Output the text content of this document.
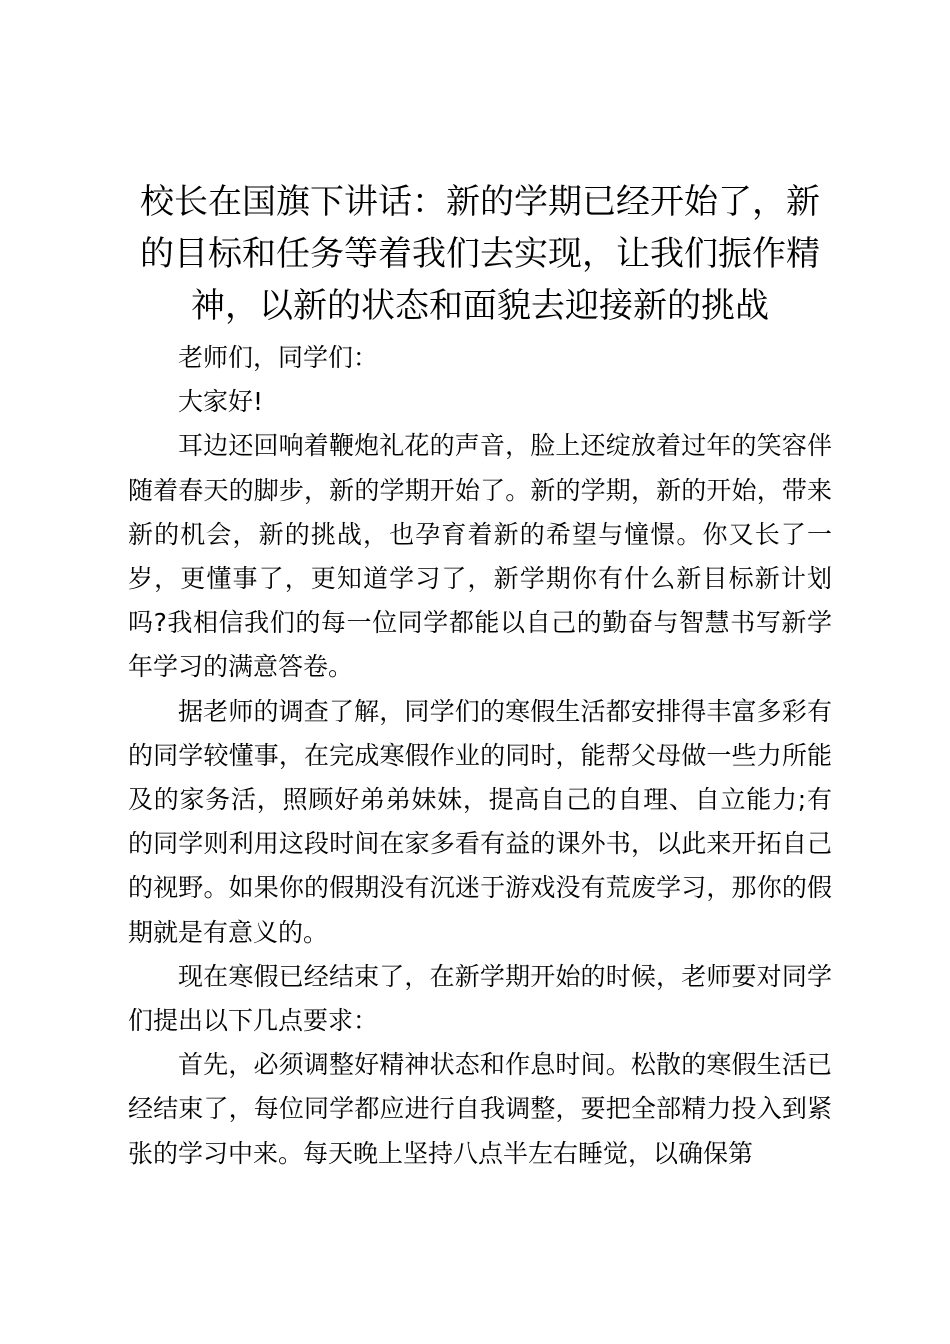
校长在国旗下讲话：新的学期已经开始了，新的目标和任务等着我们去实现，让我们振作精神，以新的状态和面貌去迎接新的挑战

老师们，同学们：

大家好!

耳边还回响着鞭炮礼花的声音，脸上还绽放着过年的笑容伴随着春天的脚步，新的学期开始了。新的学期，新的开始，带来新的机会，新的挑战，也孕育着新的希望与憧憬。你又长了一岁，更懂事了，更知道学习了，新学期你有什么新目标新计划吗?我相信我们的每一位同学都能以自己的勤奋与智慧书写新学年学习的满意答卷。

据老师的调查了解，同学们的寒假生活都安排得丰富多彩有的同学较懂事，在完成寒假作业的同时，能帮父母做一些力所能及的家务活，照顾好弟弟妹妹，提高自己的自理、自立能力;有的同学则利用这段时间在家多看有益的课外书，以此来开拓自己的视野。如果你的假期没有沉迷于游戏没有荒废学习，那你的假期就是有意义的。

现在寒假已经结束了，在新学期开始的时候，老师要对同学们提出以下几点要求：

首先，必须调整好精神状态和作息时间。松散的寒假生活已经结束了，每位同学都应进行自我调整，要把全部精力投入到紧张的学习中来。每天晚上坚持八点半左右睡觉，以确保第
